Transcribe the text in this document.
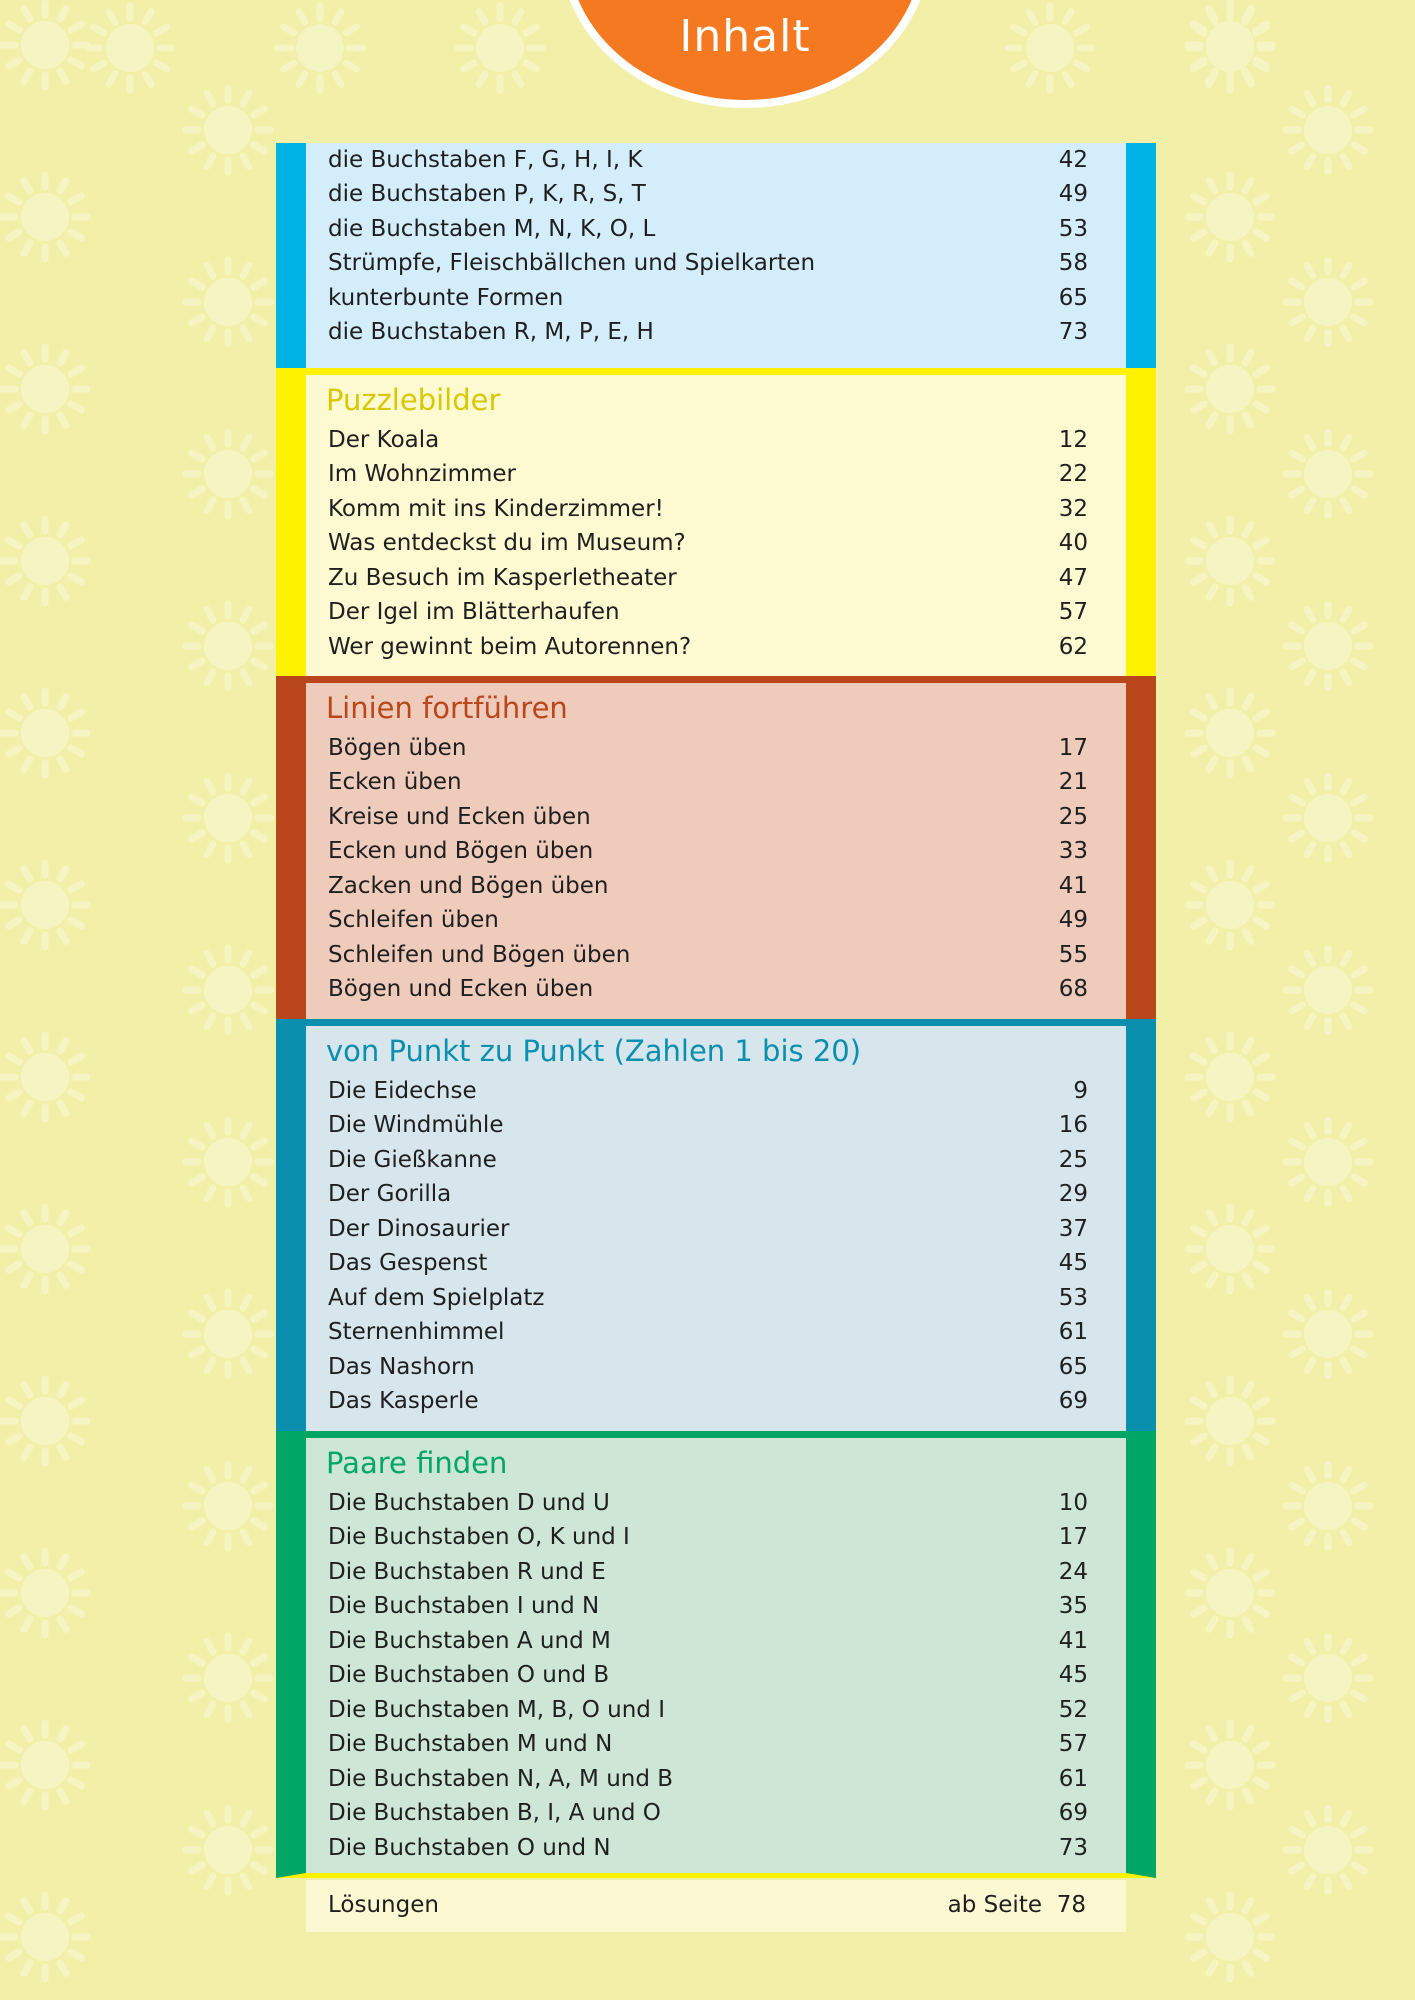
Inhalt
die Buchstaben F, G, H, I, K	42
die Buchstaben P, K, R, S, T	49
die Buchstaben M, N, K, O, L	53
Strümpfe, Fleischbällchen und Spielkarten	58
kunterbunte Formen	65
die Buchstaben R, M, P, E, H	73
Puzzlebilder
Der Koala	12
Im Wohnzimmer	22
Komm mit ins Kinderzimmer!	32
Was entdeckst du im Museum?	40
Zu Besuch im Kasperletheater	47
Der Igel im Blätterhaufen	57
Wer gewinnt beim Autorennen?	62
Linien fortführen
Bögen üben	17
Ecken üben	21
Kreise und Ecken üben	25
Ecken und Bögen üben	33
Zacken und Bögen üben	41
Schleifen üben	49
Schleifen und Bögen üben	55
Bögen und Ecken üben	68
von Punkt zu Punkt (Zahlen 1 bis 20)
Die Eidechse	9
Die Windmühle	16
Die Gießkanne	25
Der Gorilla	29
Der Dinosaurier	37
Das Gespenst	45
Auf dem Spielplatz	53
Sternenhimmel	61
Das Nashorn	65
Das Kasperle	69
Paare finden
Die Buchstaben D und U	10
Die Buchstaben O, K und I	17
Die Buchstaben R und E	24
Die Buchstaben I und N	35
Die Buchstaben A und M	41
Die Buchstaben O und B	45
Die Buchstaben M, B, O und I	52
Die Buchstaben M und N	57
Die Buchstaben N, A, M und B	61
Die Buchstaben B, I, A und O	69
Die Buchstaben O und N	73
Lösungen	ab Seite 78
